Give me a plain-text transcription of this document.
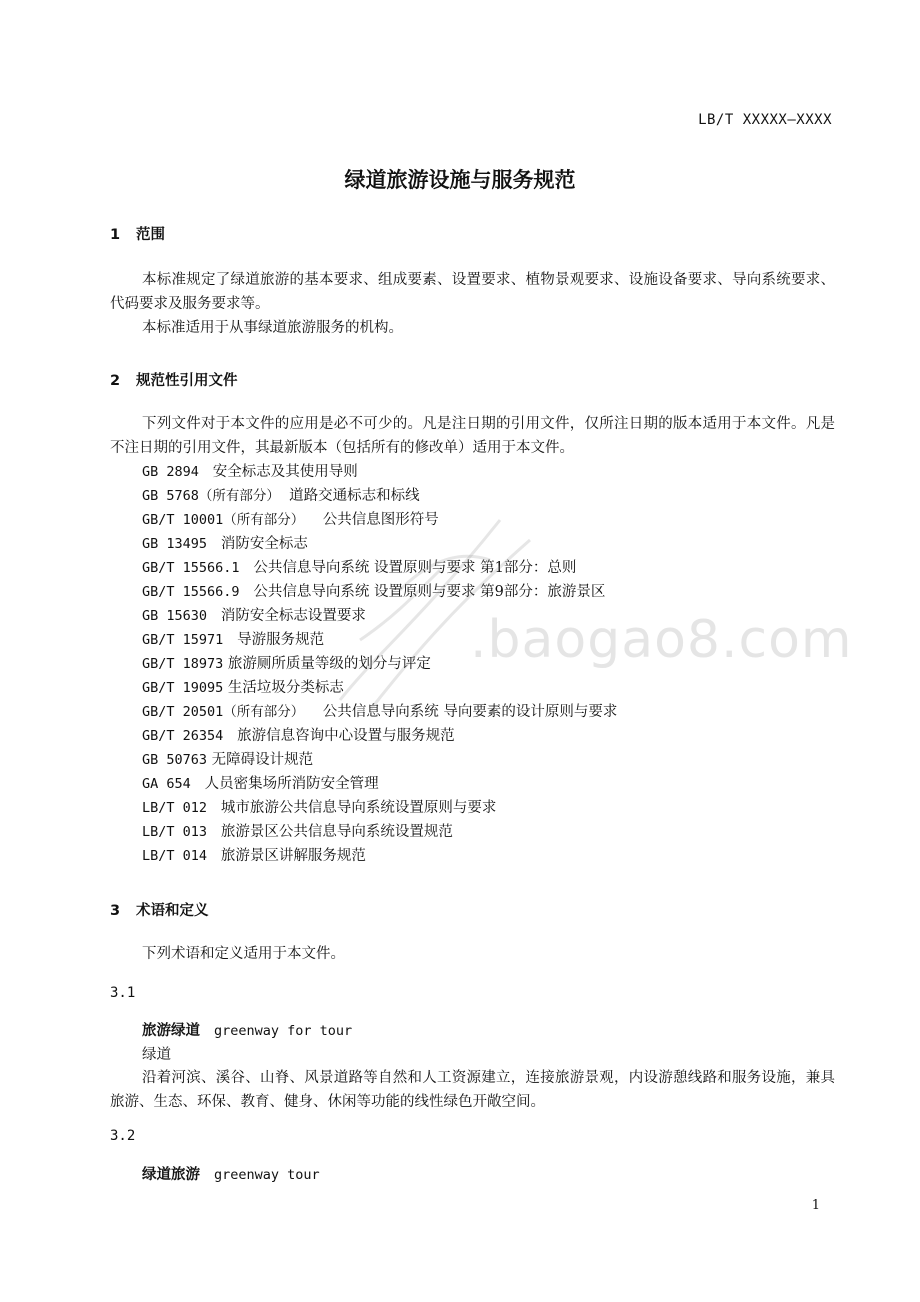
LB/T XXXXX—XXXX
绿道旅游设施与服务规范
1 范围

本标准规定了绿道旅游的基本要求、组成要素、设置要求、植物景观要求、设施设备要求、导向系统要求、代码要求及服务要求等。

本标准适用于从事绿道旅游服务的机构。

2 规范性引用文件

下列文件对于本文件的应用是必不可少的。凡是注日期的引用文件，仅所注日期的版本适用于本文件。凡是不注日期的引用文件，其最新版本（包括所有的修改单）适用于本文件。

GB 2894 安全标志及其使用导则
GB 5768（所有部分） 道路交通标志和标线
GB/T 10001（所有部分） 公共信息图形符号
GB 13495 消防安全标志
GB/T 15566.1 公共信息导向系统 设置原则与要求 第1部分：总则
GB/T 15566.9 公共信息导向系统 设置原则与要求 第9部分：旅游景区
GB 15630 消防安全标志设置要求
GB/T 15971 导游服务规范
GB/T 18973 旅游厕所质量等级的划分与评定
GB/T 19095 生活垃圾分类标志
GB/T 20501（所有部分） 公共信息导向系统 导向要素的设计原则与要求
GB/T 26354 旅游信息咨询中心设置与服务规范
GB 50763 无障碍设计规范
GA 654 人员密集场所消防安全管理
LB/T 012 城市旅游公共信息导向系统设置原则与要求
LB/T 013 旅游景区公共信息导向系统设置规范
LB/T 014 旅游景区讲解服务规范
3 术语和定义

下列术语和定义适用于本文件。

3.1
旅游绿道 greenway for tour
绿道

沿着河滨、溪谷、山脊、风景道路等自然和人工资源建立，连接旅游景观，内设游憩线路和服务设施，兼具旅游、生态、环保、教育、健身、休闲等功能的线性绿色开敞空间。

3.2
绿道旅游 greenway tour
1
.baogao8.com
